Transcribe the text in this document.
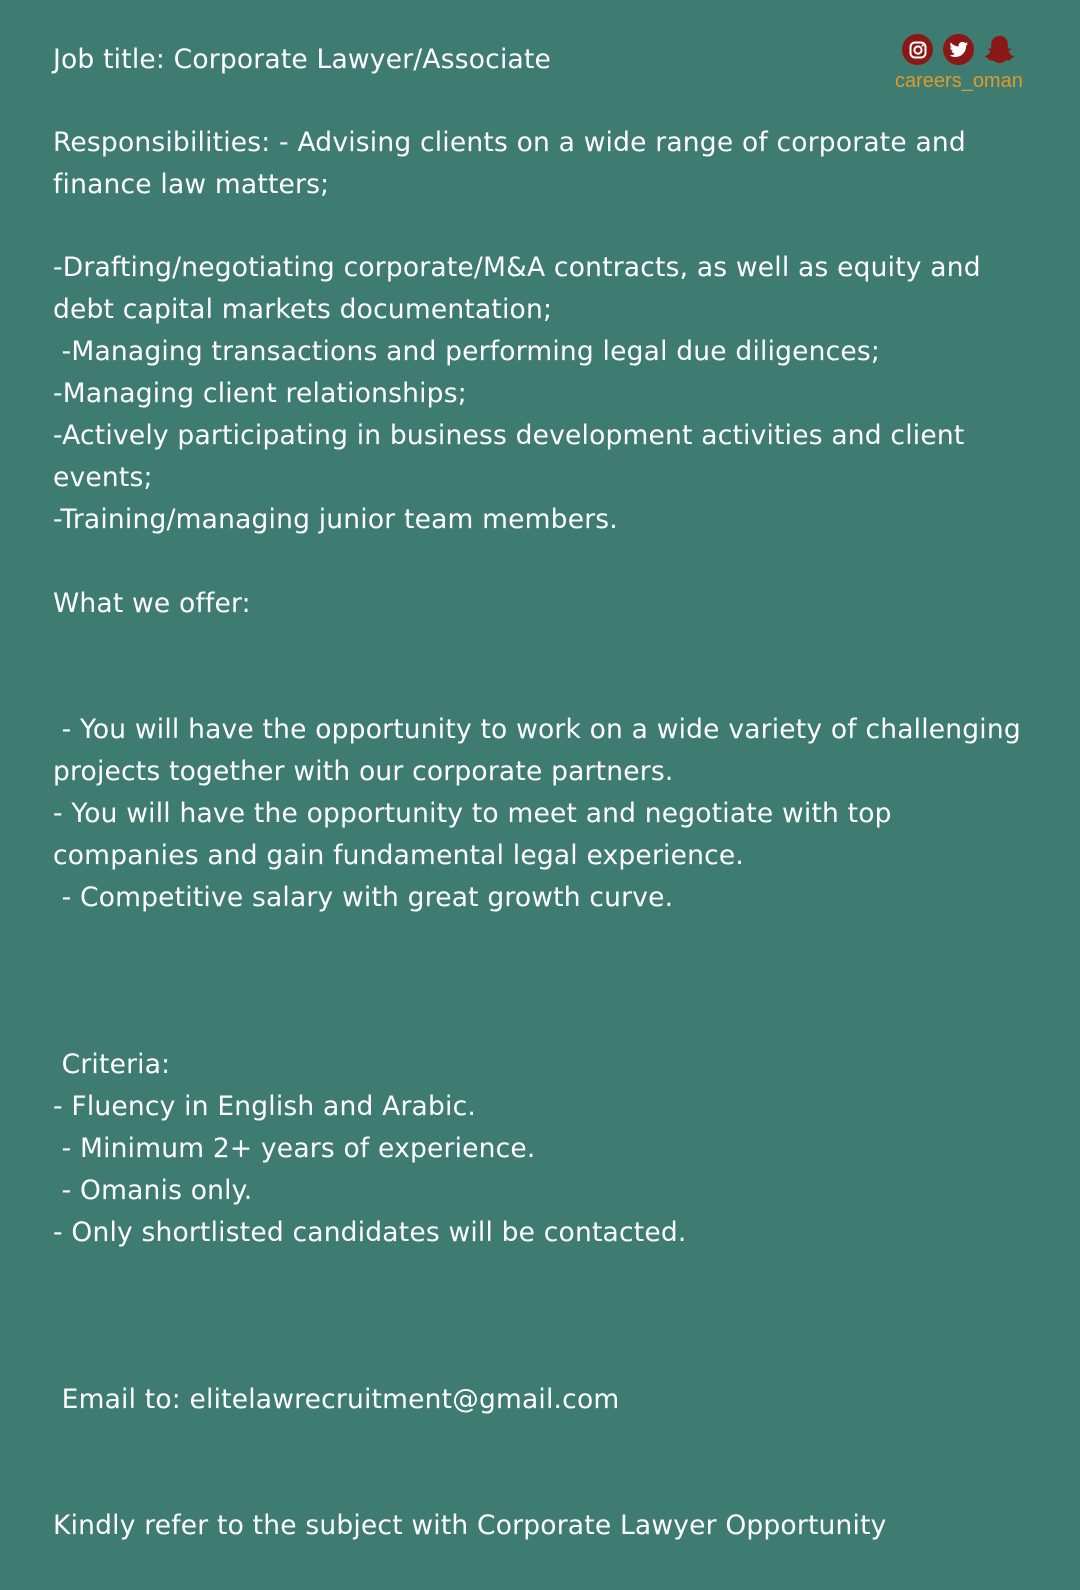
careers_oman
Job title: Corporate Lawyer/Associate
Responsibilities: - Advising clients on a wide range of corporate and
finance law matters;
-Drafting/negotiating corporate/M&A contracts, as well as equity and
debt capital markets documentation;
-Managing transactions and performing legal due diligences;
-Managing client relationships;
-Actively participating in business development activities and client
events;
-Training/managing junior team members.
What we offer:
- You will have the opportunity to work on a wide variety of challenging
projects together with our corporate partners.
- You will have the opportunity to meet and negotiate with top
companies and gain fundamental legal experience.
- Competitive salary with great growth curve.
Criteria:
- Fluency in English and Arabic.
- Minimum 2+ years of experience.
- Omanis only.
- Only shortlisted candidates will be contacted.
Email to: elitelawrecruitment@gmail.com
Kindly refer to the subject with Corporate Lawyer Opportunity
